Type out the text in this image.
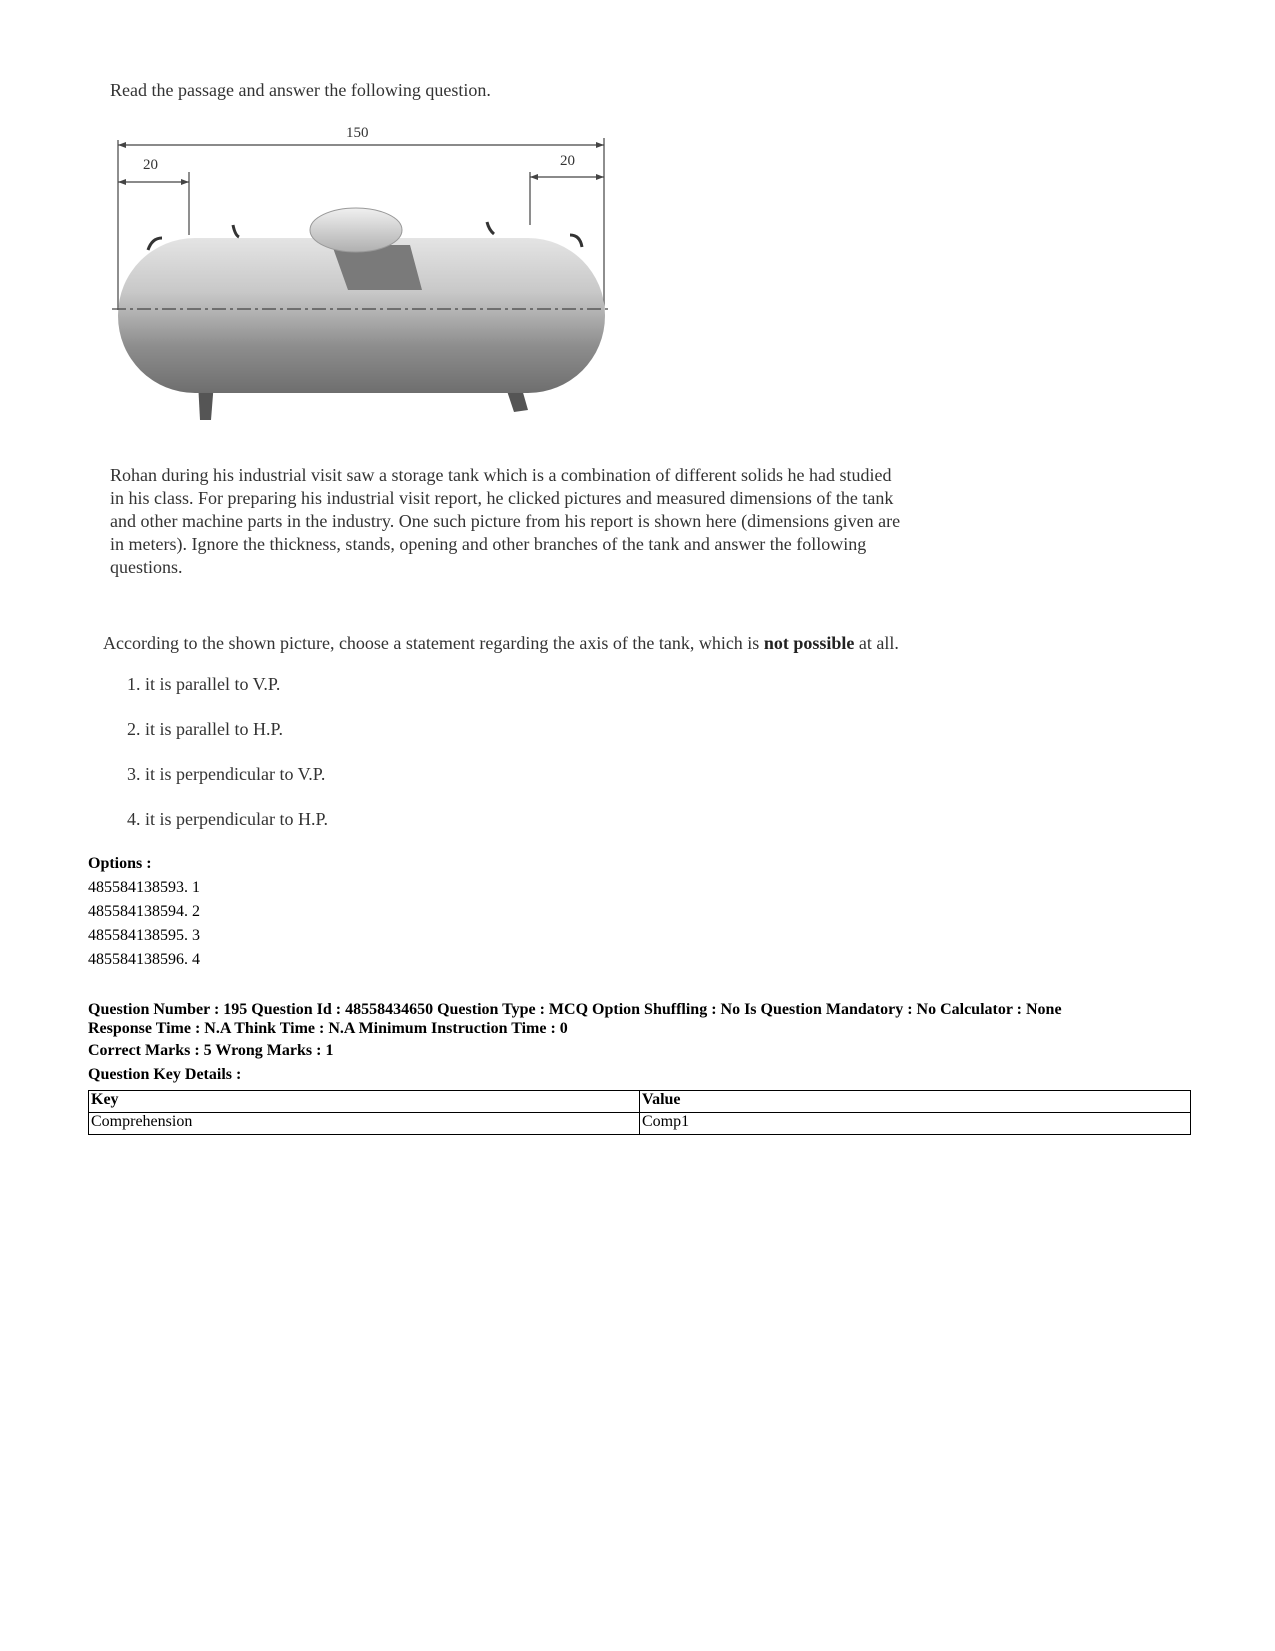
Read the passage and answer the following question.
150
20	20
Rohan during his industrial visit saw a storage tank which is a combination of different solids he had studied
in his class. For preparing his industrial visit report, he clicked pictures and measured dimensions of the tank
and other machine parts in the industry. One such picture from his report is shown here (dimensions given are
in meters). Ignore the thickness, stands, opening and other branches of the tank and answer the following
questions.
According to the shown picture, choose a statement regarding the axis of the tank, which is not possible at all.
1. it is parallel to V.P.
2. it is parallel to H.P.
3. it is perpendicular to V.P.
4. it is perpendicular to H.P.
Options :
485584138593. 1
485584138594. 2
485584138595. 3
485584138596. 4
Question Number : 195 Question Id : 48558434650 Question Type : MCQ Option Shuffling : No Is Question Mandatory : No Calculator : None
Response Time : N.A Think Time : N.A Minimum Instruction Time : 0
Correct Marks : 5 Wrong Marks : 1
Question Key Details :
Key	Value
Comprehension	Comp1
